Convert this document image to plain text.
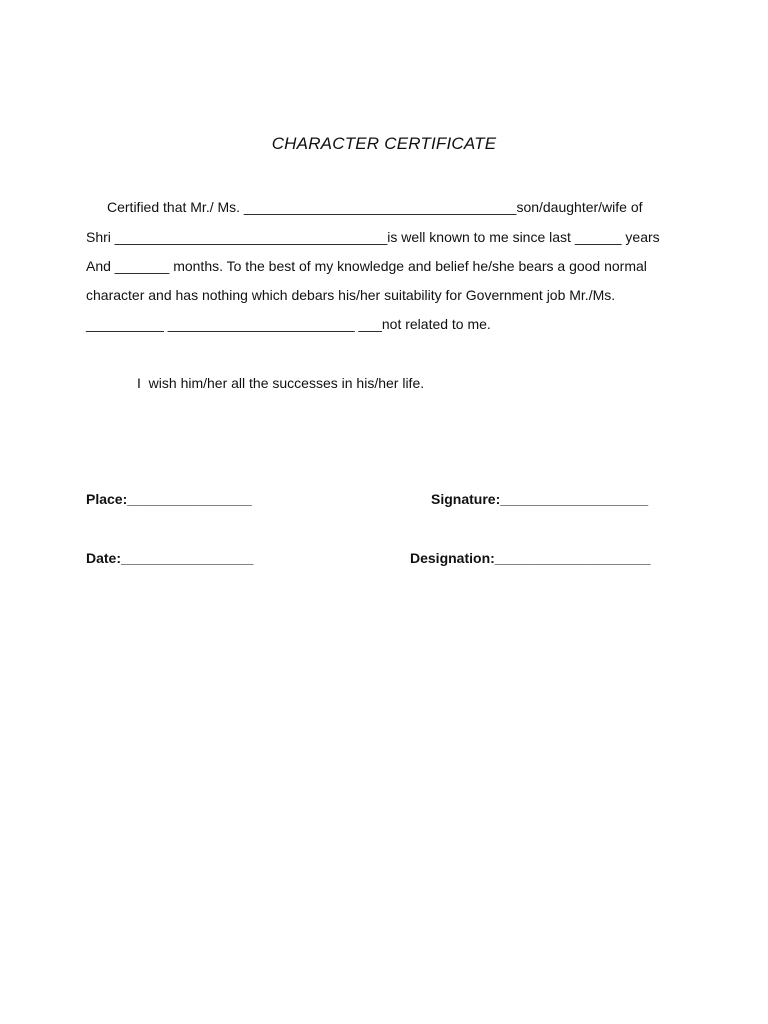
CHARACTER CERTIFICATE
Certified that Mr./ Ms. ___________________________________son/daughter/wife of
Shri ___________________________________is well known to me since last ______ years
And _______ months. To the best of my knowledge and belief he/she bears a good normal
character and has nothing which debars his/her suitability for Government job Mr./Ms.
__________ ________________________ ___not related to me.
I  wish him/her all the successes in his/her life.
Place:________________	Signature:___________________
Date:_________________	Designation:____________________
